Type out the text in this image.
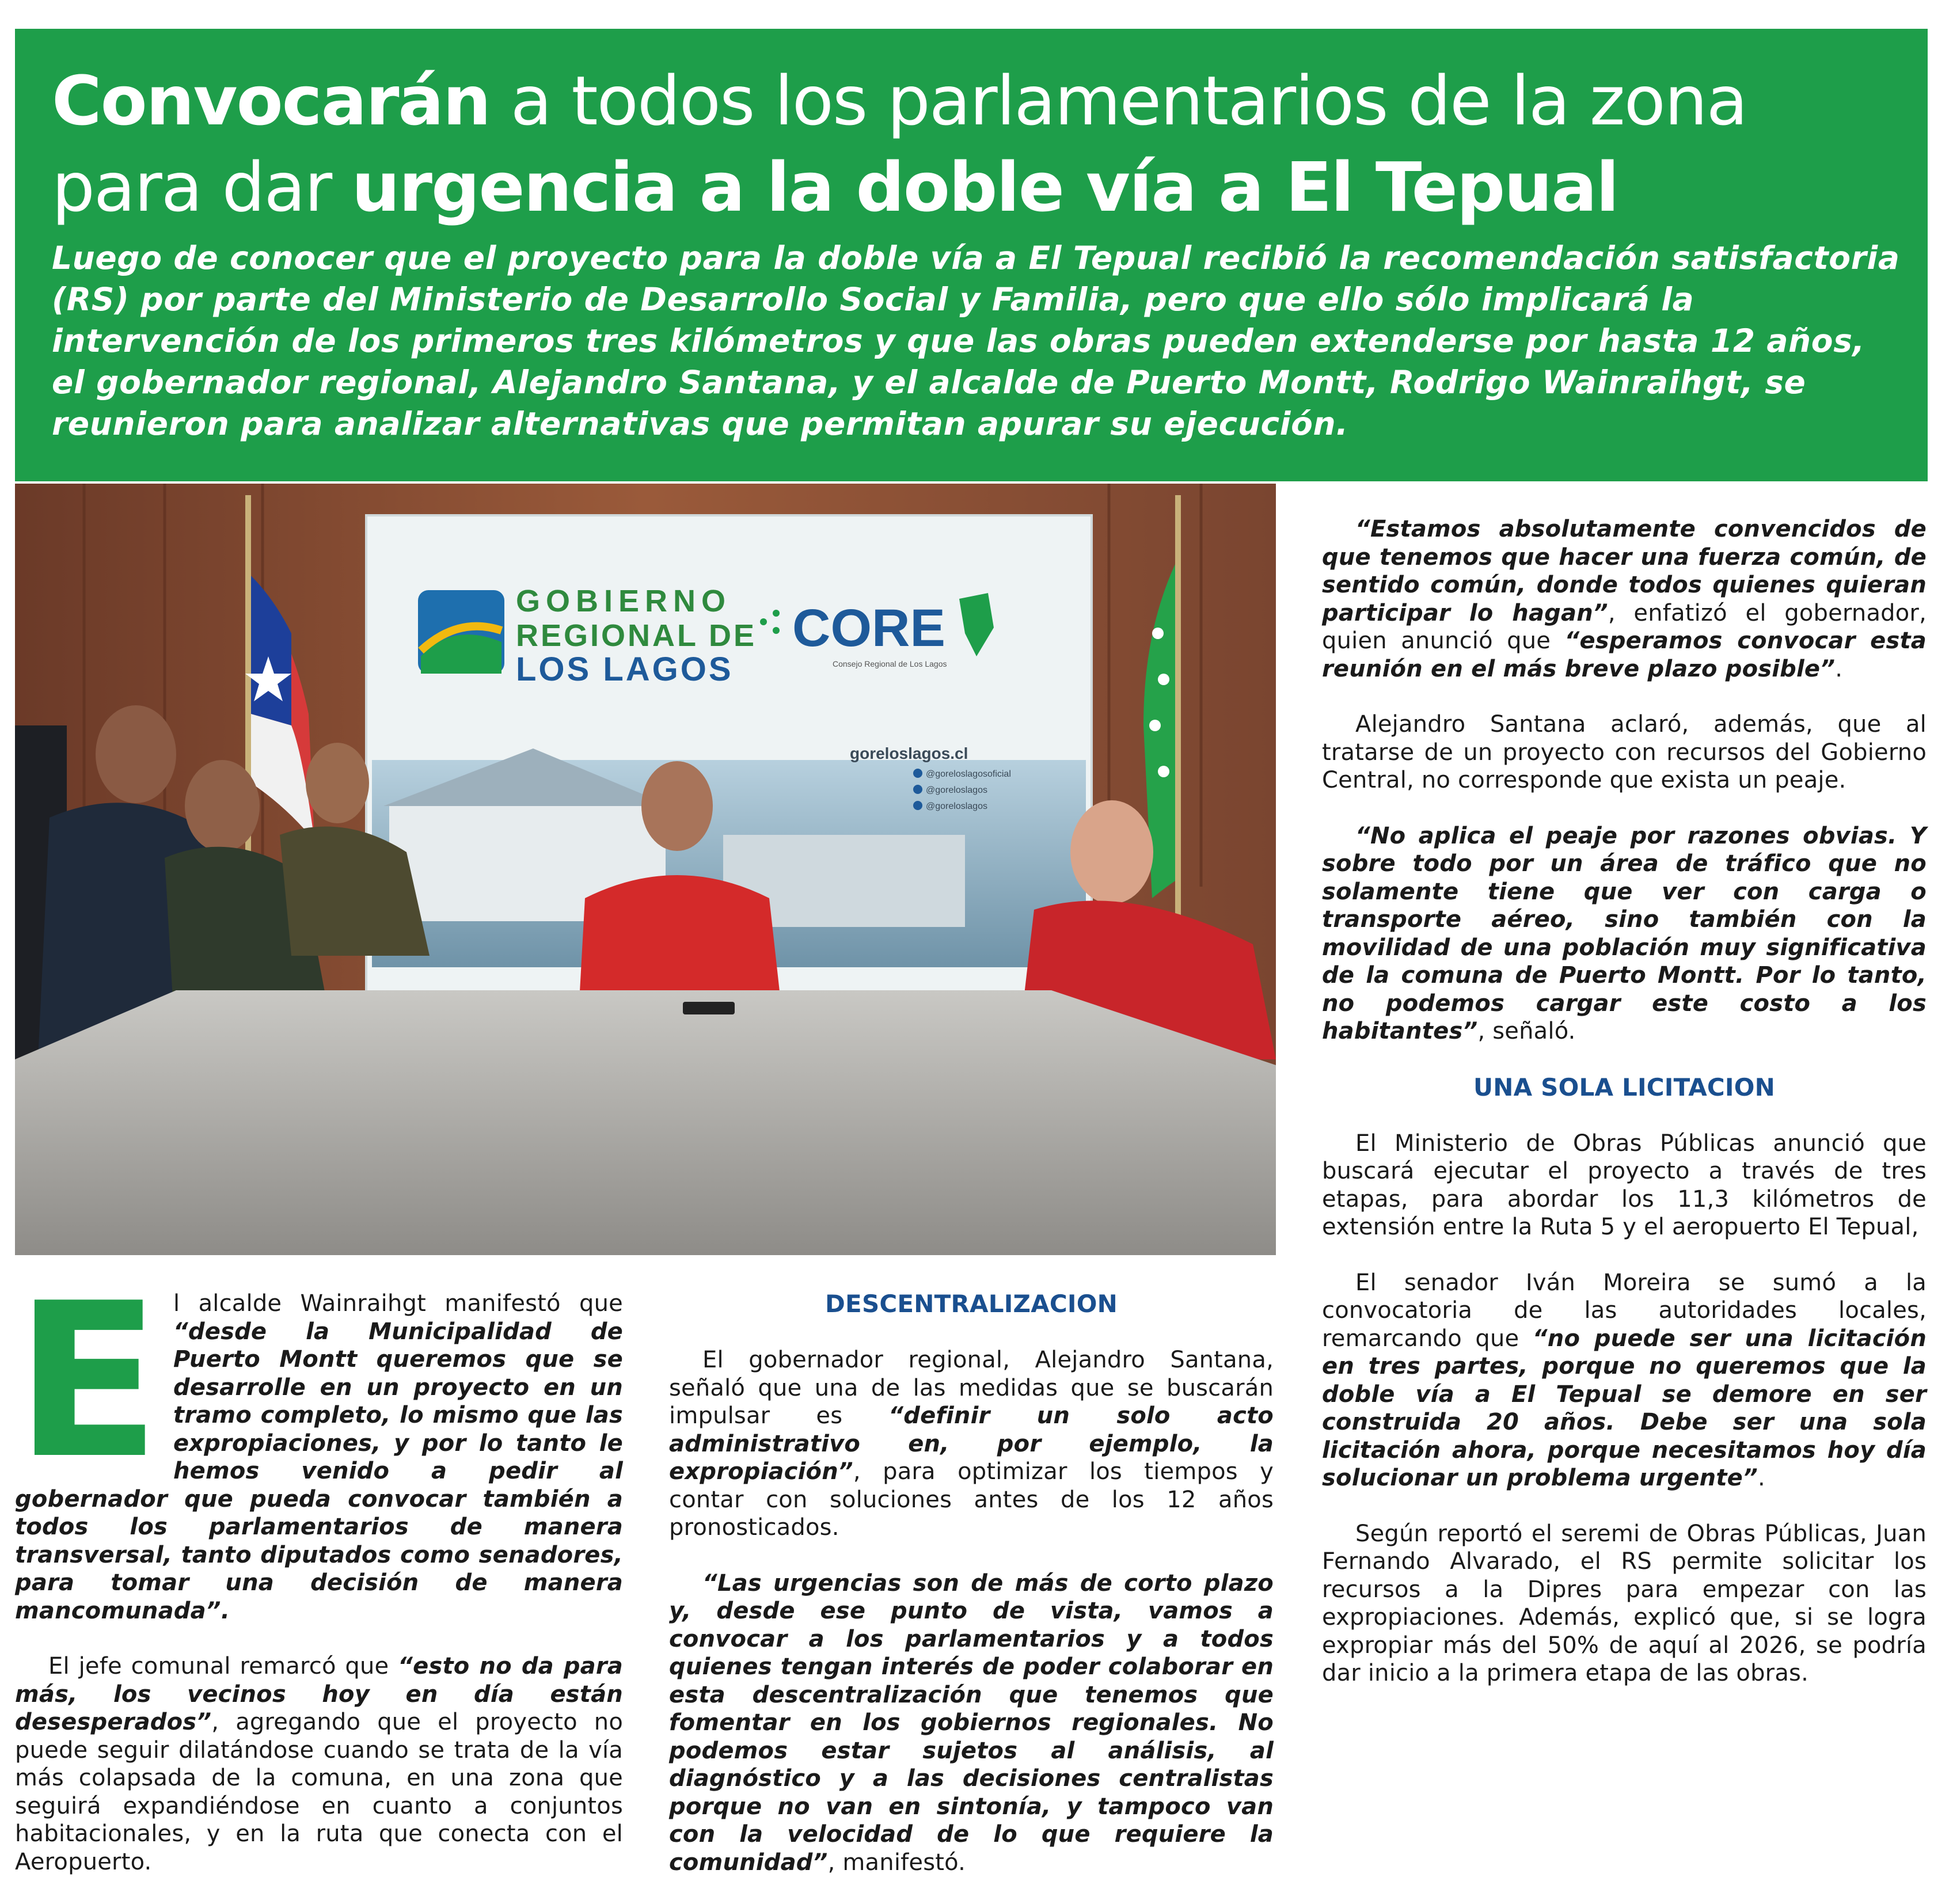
Convocarán a todos los parlamentarios de la zona para dar urgencia a la doble vía a El Tepual

Luego de conocer que el proyecto para la doble vía a El Tepual recibió la recomendación satisfactoria (RS) por parte del Ministerio de Desarrollo Social y Familia, pero que ello sólo implicará la intervención de los primeros tres kilómetros y que las obras pueden extenderse por hasta 12 años, el gobernador regional, Alejandro Santana, y el alcalde de Puerto Montt, Rodrigo Wainraihgt, se reunieron para analizar alternativas que permitan apurar su ejecución.

GOBIERNO
REGIONAL DE
LOS LAGOS
CORE
Consejo Regional de Los Lagos
goreloslagos.cl
@goreloslagosoficial
@goreloslagos
@goreloslagos

El alcalde Wainraihgt manifestó que “desde la Municipalidad de Puerto Montt queremos que se desarrolle en un proyecto en un tramo completo, lo mismo que las expropiaciones, y por lo tanto le hemos venido a pedir al gobernador que pueda convocar también a todos los parlamentarios de manera transversal, tanto diputados como senadores, para tomar una decisión de manera mancomunada”.

El jefe comunal remarcó que “esto no da para más, los vecinos hoy en día están desesperados”, agregando que el proyecto no puede seguir dilatándose cuando se trata de la vía más colapsada de la comuna, en una zona que seguirá expandiéndose en cuanto a conjuntos habitacionales, y en la ruta que conecta con el Aeropuerto.

DESCENTRALIZACION

El gobernador regional, Alejandro Santana, señaló que una de las medidas que se buscarán impulsar es “definir un solo acto administrativo en, por ejemplo, la expropiación”, para optimizar los tiempos y contar con soluciones antes de los 12 años pronosticados.

“Las urgencias son de más de corto plazo y, desde ese punto de vista, vamos a convocar a los parlamentarios y a todos quienes tengan interés de poder colaborar en esta descentralización que tenemos que fomentar en los gobiernos regionales. No podemos estar sujetos al análisis, al diagnóstico y a las decisiones centralistas porque no van en sintonía, y tampoco van con la velocidad de lo que requiere la comunidad”, manifestó.

“Estamos absolutamente convencidos de que tenemos que hacer una fuerza común, de sentido común, donde todos quienes quieran participar lo hagan”, enfatizó el gobernador, quien anunció que “esperamos convocar esta reunión en el más breve plazo posible”.

Alejandro Santana aclaró, además, que al tratarse de un proyecto con recursos del Gobierno Central, no corresponde que exista un peaje.

“No aplica el peaje por razones obvias. Y sobre todo por un área de tráfico que no solamente tiene que ver con carga o transporte aéreo, sino también con la movilidad de una población muy significativa de la comuna de Puerto Montt. Por lo tanto, no podemos cargar este costo a los habitantes”, señaló.

UNA SOLA LICITACION

El Ministerio de Obras Públicas anunció que buscará ejecutar el proyecto a través de tres etapas, para abordar los 11,3 kilómetros de extensión entre la Ruta 5 y el aeropuerto El Tepual,

El senador Iván Moreira se sumó a la convocatoria de las autoridades locales, remarcando que “no puede ser una licitación en tres partes, porque no queremos que la doble vía a El Tepual se demore en ser construida 20 años. Debe ser una sola licitación ahora, porque necesitamos hoy día solucionar un problema urgente”.

Según reportó el seremi de Obras Públicas, Juan Fernando Alvarado, el RS permite solicitar los recursos a la Dipres para empezar con las expropiaciones. Además, explicó que, si se logra expropiar más del 50% de aquí al 2026, se podría dar inicio a la primera etapa de las obras.
